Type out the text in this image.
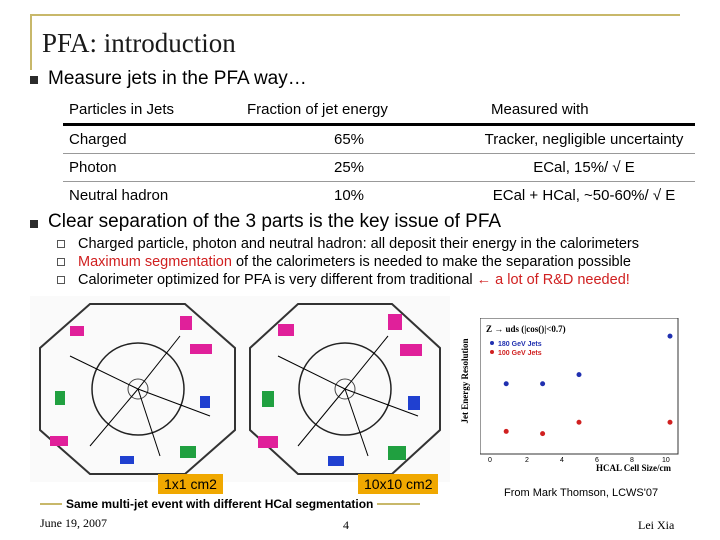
PFA: introduction
Measure jets in the PFA way…
Particles in Jets	Fraction of jet energy	Measured with
Charged	65%	Tracker, negligible uncertainty
Photon	25%	ECal, 15%/ √ E
Neutral hadron	10%	ECal + HCal, ~50-60%/ √ E
Clear separation of the 3 parts is the key issue of PFA
Charged particle, photon and neutral hadron: all deposit their energy in the calorimeters
Maximum segmentation of the calorimeters is needed to make the separation possible
Calorimeter optimized for PFA is very different from traditional ← a lot of R&D needed!
1x1 cm2	10x10 cm2
Same multi-jet event with different HCal segmentation
Jet Energy Resolution
Z → uds (|cos()|<0.7)
180 GeV Jets
100 GeV Jets
0	2	4	6	8	10
HCAL Cell Size/cm
From Mark Thomson, LCWS'07
June 19, 2007	4	Lei Xia
